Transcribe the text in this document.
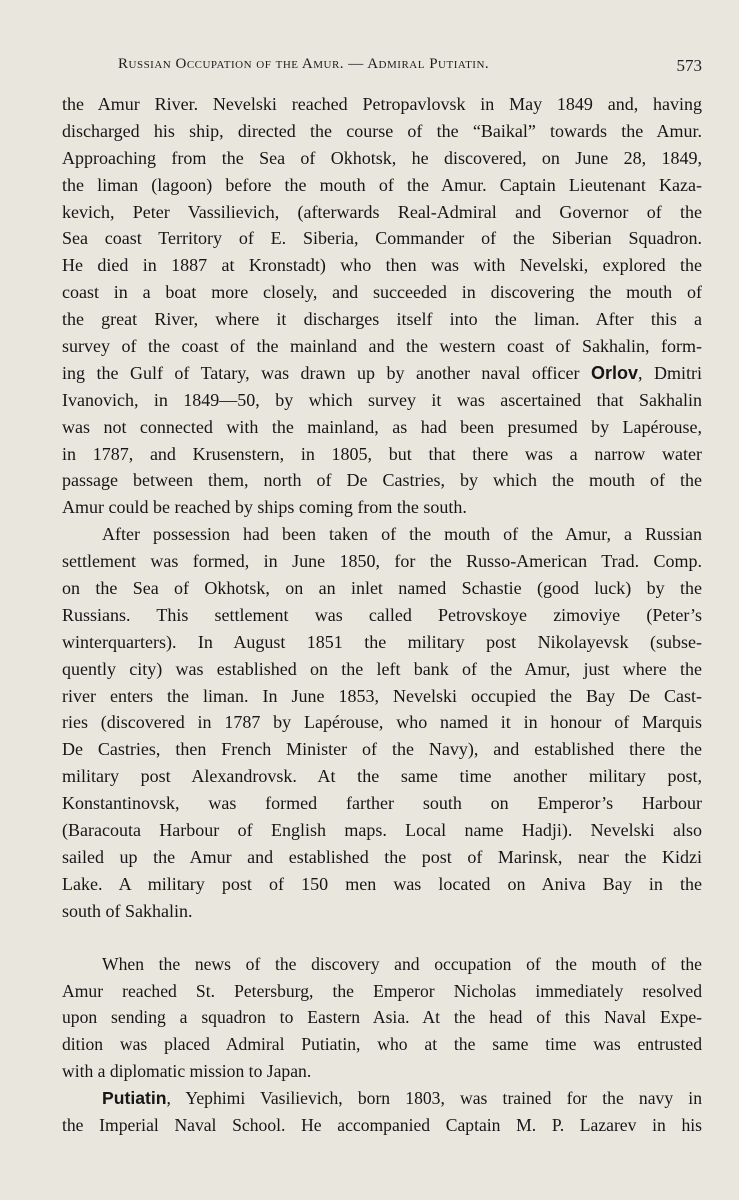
Russian Occupation of the Amur. — Admiral Putiatin.	573
the Amur River. Nevelski reached Petropavlovsk in May 1849 and, having
discharged his ship, directed the course of the “Baikal” towards the Amur.
Approaching from the Sea of Okhotsk, he discovered, on June 28, 1849,
the liman (lagoon) before the mouth of the Amur. Captain Lieutenant Kaza-
kevich, Peter Vassilievich, (afterwards Real-Admiral and Governor of the
Sea coast Territory of E. Siberia, Commander of the Siberian Squadron.
He died in 1887 at Kronstadt) who then was with Nevelski, explored the
coast in a boat more closely, and succeeded in discovering the mouth of
the great River, where it discharges itself into the liman. After this a
survey of the coast of the mainland and the western coast of Sakhalin, form-
ing the Gulf of Tatary, was drawn up by another naval officer Orlov, Dmitri
Ivanovich, in 1849—50, by which survey it was ascertained that Sakhalin
was not connected with the mainland, as had been presumed by Lapérouse,
in 1787, and Krusenstern, in 1805, but that there was a narrow water
passage between them, north of De Castries, by which the mouth of the
Amur could be reached by ships coming from the south.
After possession had been taken of the mouth of the Amur, a Russian
settlement was formed, in June 1850, for the Russo-American Trad. Comp.
on the Sea of Okhotsk, on an inlet named Schastie (good luck) by the
Russians. This settlement was called Petrovskoye zimoviye (Peter’s
winterquarters). In August 1851 the military post Nikolayevsk (subse-
quently city) was established on the left bank of the Amur, just where the
river enters the liman. In June 1853, Nevelski occupied the Bay De Cast-
ries (discovered in 1787 by Lapérouse, who named it in honour of Marquis
De Castries, then French Minister of the Navy), and established there the
military post Alexandrovsk. At the same time another military post,
Konstantinovsk, was formed farther south on Emperor’s Harbour
(Baracouta Harbour of English maps. Local name Hadji). Nevelski also
sailed up the Amur and established the post of Marinsk, near the Kidzi
Lake. A military post of 150 men was located on Aniva Bay in the
south of Sakhalin.
When the news of the discovery and occupation of the mouth of the
Amur reached St. Petersburg, the Emperor Nicholas immediately resolved
upon sending a squadron to Eastern Asia. At the head of this Naval Expe-
dition was placed Admiral Putiatin, who at the same time was entrusted
with a diplomatic mission to Japan.
Putiatin, Yephimi Vasilievich, born 1803, was trained for the navy in
the Imperial Naval School. He accompanied Captain M. P. Lazarev in his
